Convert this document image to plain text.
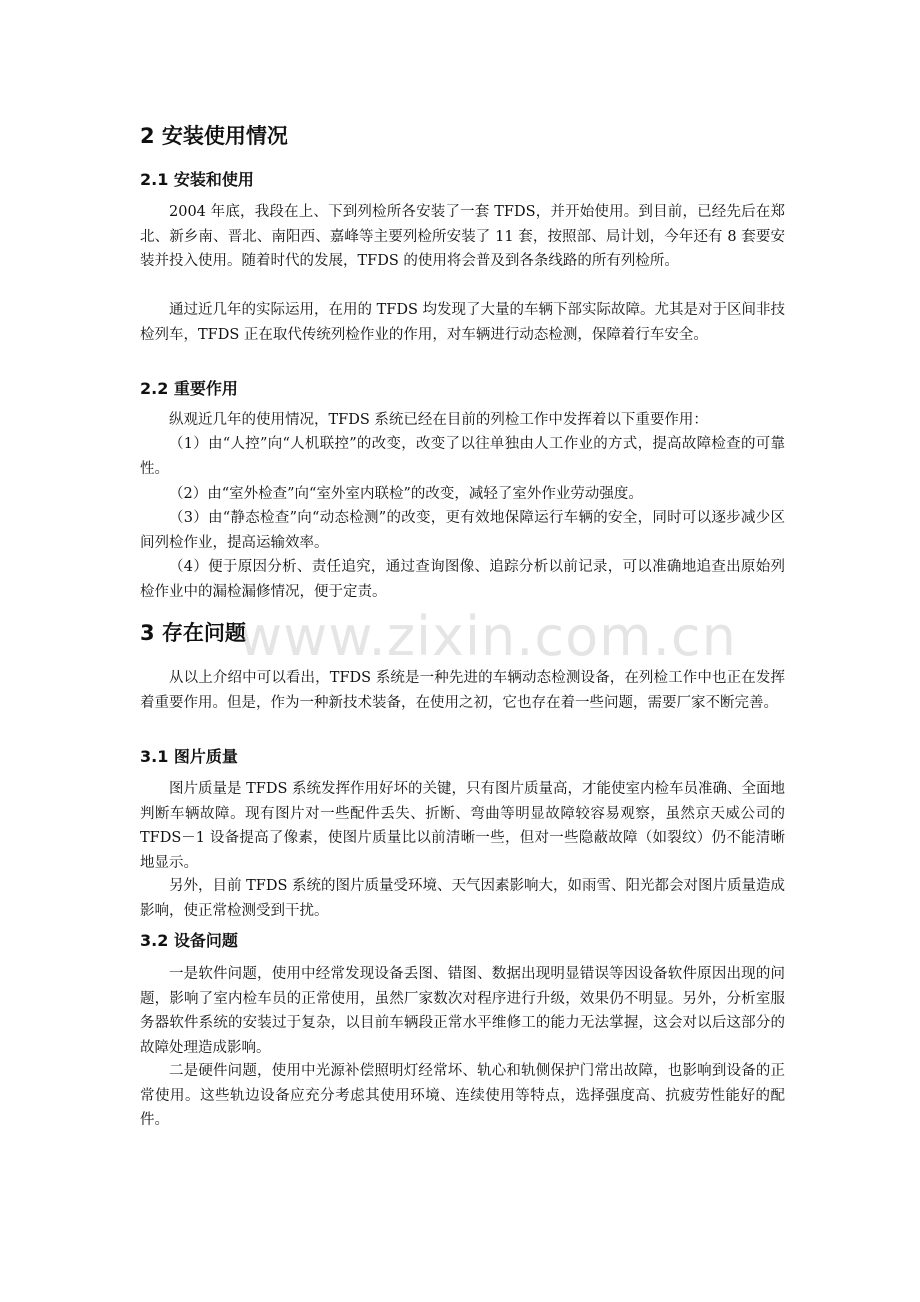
2 安装使用情况
2.1 安装和使用

2004 年底，我段在上、下到列检所各安装了一套 TFDS，并开始使用。到目前，已经先后在郑北、新乡南、晋北、南阳西、嘉峰等主要列检所安装了 11 套，按照部、局计划，今年还有 8 套要安装并投入使用。随着时代的发展，TFDS 的使用将会普及到各条线路的所有列检所。

通过近几年的实际运用，在用的 TFDS 均发现了大量的车辆下部实际故障。尤其是对于区间非技检列车，TFDS 正在取代传统列检作业的作用，对车辆进行动态检测，保障着行车安全。

2.2 重要作用

纵观近几年的使用情况，TFDS 系统已经在目前的列检工作中发挥着以下重要作用：

（1）由“人控”向“人机联控”的改变，改变了以往单独由人工作业的方式，提高故障检查的可靠性。

（2）由“室外检查”向“室外室内联检”的改变，减轻了室外作业劳动强度。

（3）由“静态检查”向“动态检测”的改变，更有效地保障运行车辆的安全，同时可以逐步减少区间列检作业，提高运输效率。

（4）便于原因分析、责任追究，通过查询图像、追踪分析以前记录，可以准确地追查出原始列检作业中的漏检漏修情况，便于定责。

3 存在问题

从以上介绍中可以看出，TFDS 系统是一种先进的车辆动态检测设备，在列检工作中也正在发挥着重要作用。但是，作为一种新技术装备，在使用之初，它也存在着一些问题，需要厂家不断完善。

3.1 图片质量

图片质量是 TFDS 系统发挥作用好坏的关键，只有图片质量高，才能使室内检车员准确、全面地判断车辆故障。现有图片对一些配件丢失、折断、弯曲等明显故障较容易观察，虽然京天威公司的 TFDS－1 设备提高了像素，使图片质量比以前清晰一些，但对一些隐蔽故障（如裂纹）仍不能清晰地显示。

另外，目前 TFDS 系统的图片质量受环境、天气因素影响大，如雨雪、阳光都会对图片质量造成影响，使正常检测受到干扰。

3.2 设备问题

一是软件问题，使用中经常发现设备丢图、错图、数据出现明显错误等因设备软件原因出现的问题，影响了室内检车员的正常使用，虽然厂家数次对程序进行升级，效果仍不明显。另外，分析室服务器软件系统的安装过于复杂，以目前车辆段正常水平维修工的能力无法掌握，这会对以后这部分的故障处理造成影响。

二是硬件问题，使用中光源补偿照明灯经常坏、轨心和轨侧保护门常出故障，也影响到设备的正常使用。这些轨边设备应充分考虑其使用环境、连续使用等特点，选择强度高、抗疲劳性能好的配件。

www.zixin.com.cn
